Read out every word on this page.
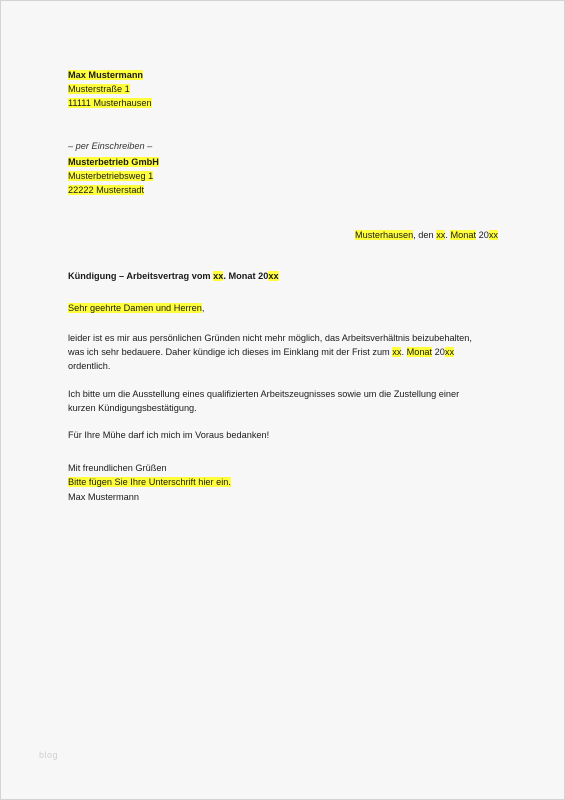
Max Mustermann
Musterstraße 1
11111 Musterhausen
– per Einschreiben –
Musterbetrieb GmbH
Musterbetriebsweg 1
22222 Musterstadt
Musterhausen, den xx. Monat 20xx
Kündigung – Arbeitsvertrag vom xx. Monat 20xx
Sehr geehrte Damen und Herren,
leider ist es mir aus persönlichen Gründen nicht mehr möglich, das Arbeitsverhältnis beizubehalten,
was ich sehr bedauere. Daher kündige ich dieses im Einklang mit der Frist zum xx. Monat 20xx
ordentlich.
Ich bitte um die Ausstellung eines qualifizierten Arbeitszeugnisses sowie um die Zustellung einer
kurzen Kündigungsbestätigung.
Für Ihre Mühe darf ich mich im Voraus bedanken!
Mit freundlichen Grüßen
Bitte fügen Sie Ihre Unterschrift hier ein.
Max Mustermann
blog
